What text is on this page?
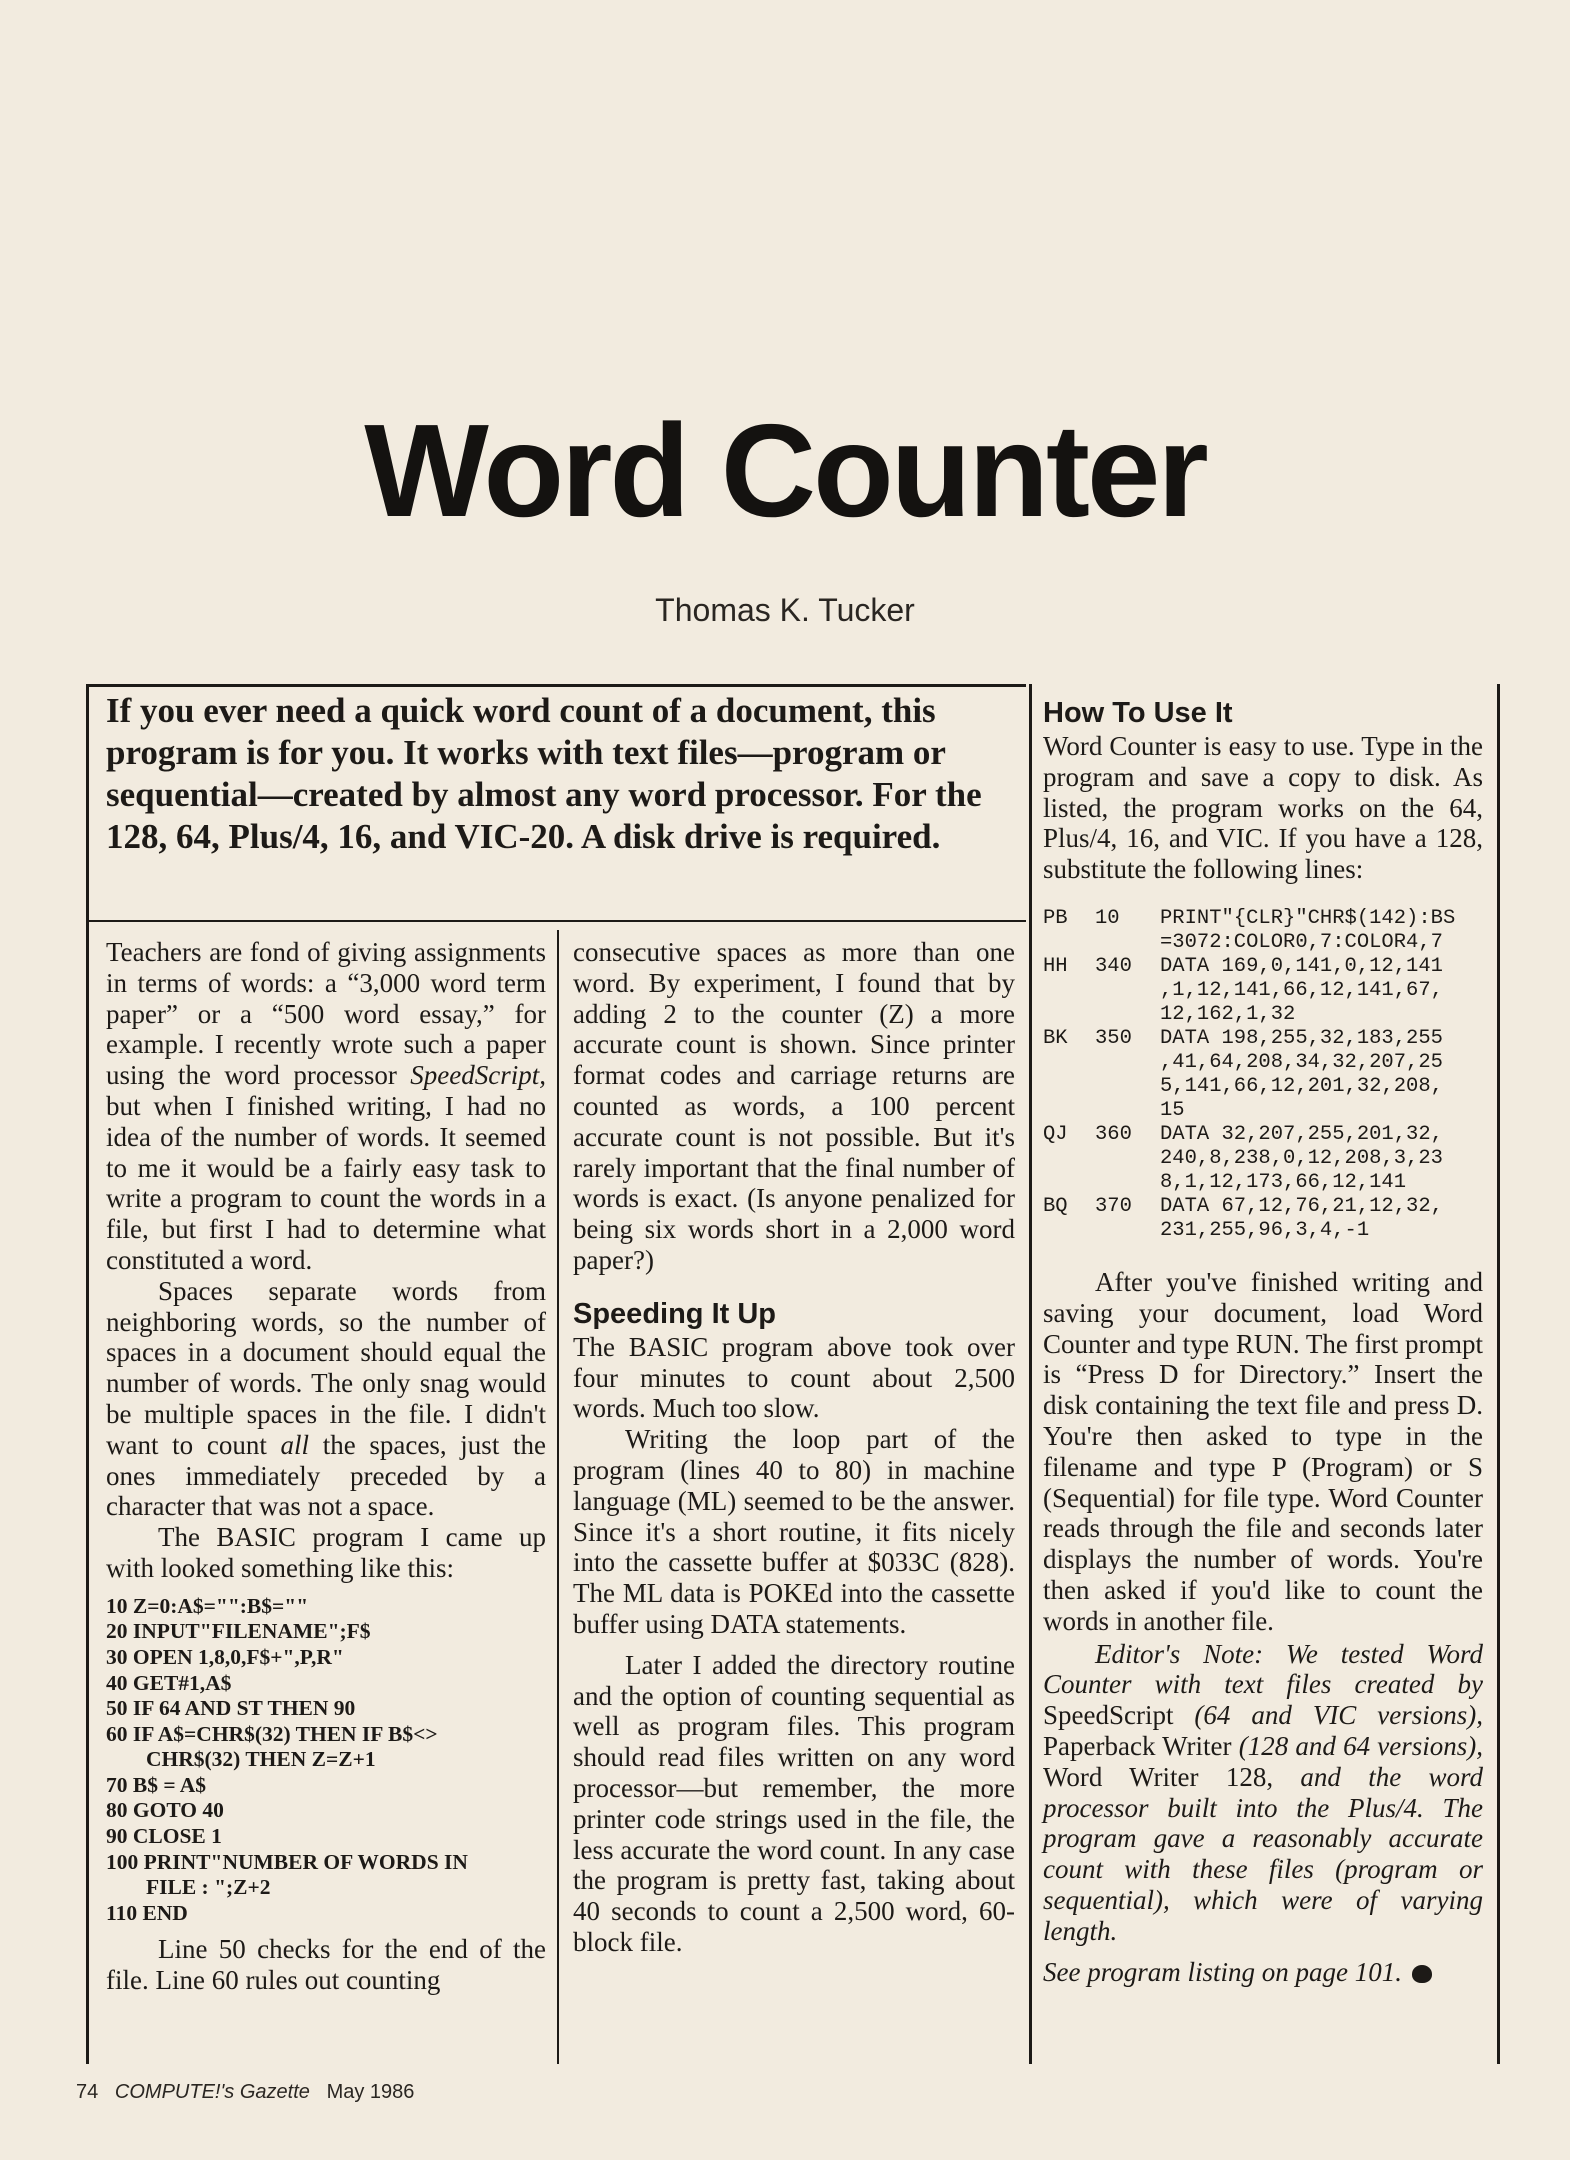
Word Counter
Thomas K. Tucker
If you ever need a quick word count of a document, this program is for you. It works with text files—program or sequential—created by almost any word processor. For the 128, 64, Plus/4, 16, and VIC-20. A disk drive is required.

Teachers are fond of giving assignments in terms of words: a “3,000 word term paper” or a “500 word essay,” for example. I recently wrote such a paper using the word processor SpeedScript, but when I finished writing, I had no idea of the number of words. It seemed to me it would be a fairly easy task to write a program to count the words in a file, but first I had to determine what constituted a word.

Spaces separate words from neighboring words, so the number of spaces in a document should equal the number of words. The only snag would be multiple spaces in the file. I didn't want to count all the spaces, just the ones immediately preceded by a character that was not a space.

The BASIC program I came up with looked something like this:

10 Z=0:A$="":B$=""
20 INPUT"FILENAME";F$
30 OPEN 1,8,0,F$+",P,R"
40 GET#1,A$
50 IF 64 AND ST THEN 90
60 IF A$=CHR$(32) THEN IF B$<>
CHR$(32) THEN Z=Z+1
70 B$ = A$
80 GOTO 40
90 CLOSE 1
100 PRINT"NUMBER OF WORDS IN
FILE : ";Z+2
110 END

Line 50 checks for the end of the file. Line 60 rules out counting

consecutive spaces as more than one word. By experiment, I found that by adding 2 to the counter (Z) a more accurate count is shown. Since printer format codes and carriage returns are counted as words, a 100 percent accurate count is not possible. But it's rarely important that the final number of words is exact. (Is anyone penalized for being six words short in a 2,000 word paper?)

Speeding It Up

The BASIC program above took over four minutes to count about 2,500 words. Much too slow.

Writing the loop part of the program (lines 40 to 80) in machine language (ML) seemed to be the answer. Since it's a short routine, it fits nicely into the cassette buffer at $033C (828). The ML data is POKEd into the cassette buffer using DATA statements.

Later I added the directory routine and the option of counting sequential as well as program files. This program should read files written on any word processor—but remember, the more printer code strings used in the file, the less accurate the word count. In any case the program is pretty fast, taking about 40 seconds to count a 2,500 word, 60-block file.

How To Use It

Word Counter is easy to use. Type in the program and save a copy to disk. As listed, the program works on the 64, Plus/4, 16, and VIC. If you have a 128, substitute the following lines:

PB	10	PRINT"{CLR}"CHR$(142):BS
=3072:COLOR0,7:COLOR4,7
HH	340	DATA 169,0,141,0,12,141
,1,12,141,66,12,141,67,
12,162,1,32
BK	350	DATA 198,255,32,183,255
,41,64,208,34,32,207,25
5,141,66,12,201,32,208,
15
QJ	360	DATA 32,207,255,201,32,
240,8,238,0,12,208,3,23
8,1,12,173,66,12,141
BQ	370	DATA 67,12,76,21,12,32,
231,255,96,3,4,-1

After you've finished writing and saving your document, load Word Counter and type RUN. The first prompt is “Press D for Directory.” Insert the disk containing the text file and press D. You're then asked to type in the filename and type P (Program) or S (Sequential) for file type. Word Counter reads through the file and seconds later displays the number of words. You're then asked if you'd like to count the words in another file.

Editor's Note: We tested Word Counter with text files created by SpeedScript (64 and VIC versions), Paperback Writer (128 and 64 versions), Word Writer 128, and the word processor built into the Plus/4. The program gave a reasonably accurate count with these files (program or sequential), which were of varying length.

See program listing on page 101.

74 COMPUTE!'s Gazette May 1986
